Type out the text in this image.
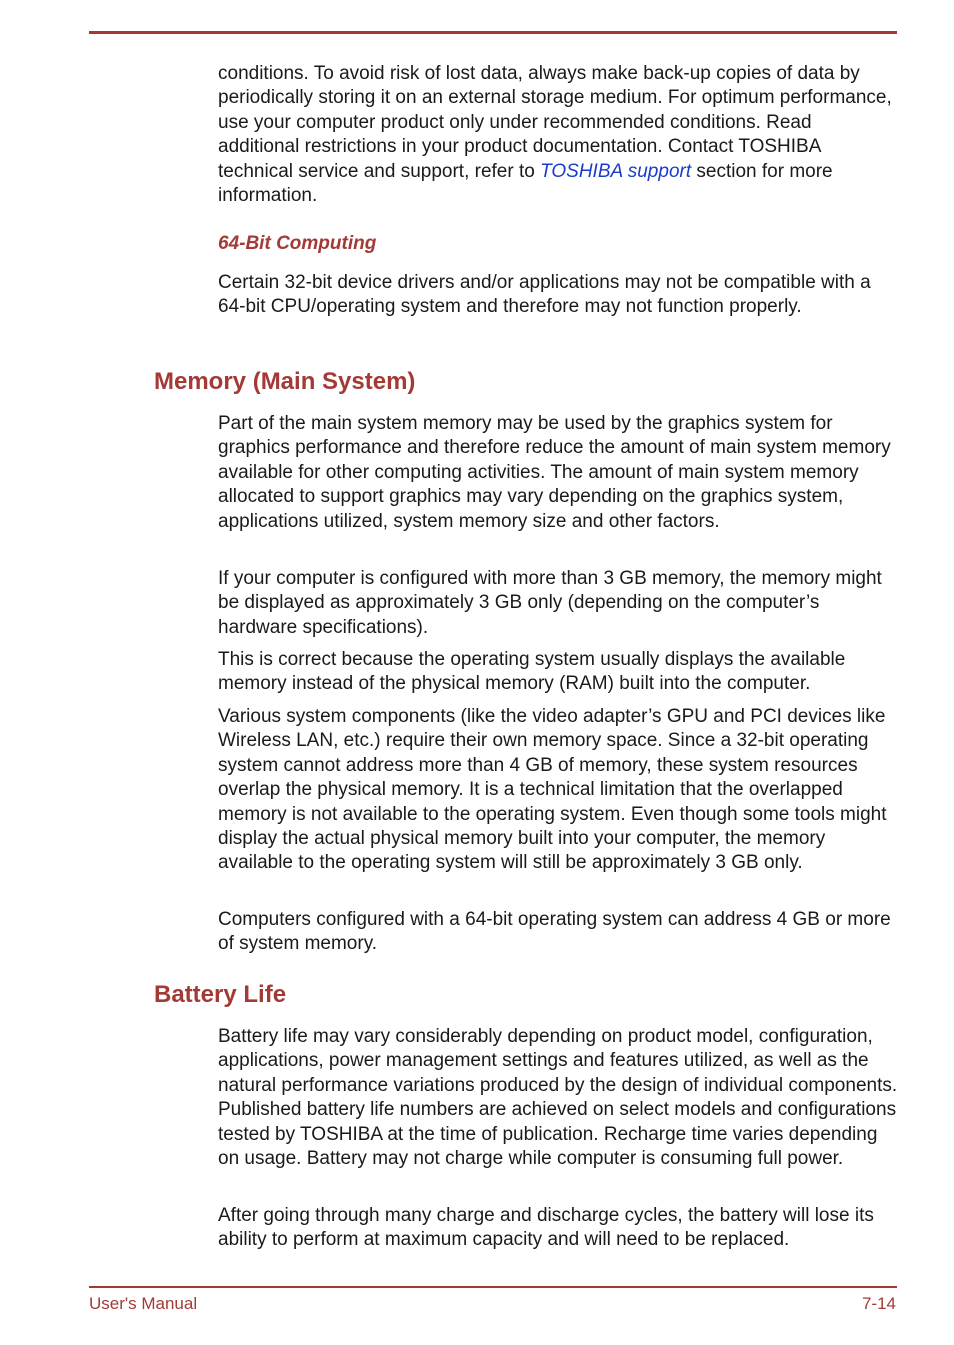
conditions. To avoid risk of lost data, always make back-up copies of data by periodically storing it on an external storage medium. For optimum performance, use your computer product only under recommended conditions. Read additional restrictions in your product documentation. Contact TOSHIBA technical service and support, refer to TOSHIBA support section for more information.

64-Bit Computing

Certain 32-bit device drivers and/or applications may not be compatible with a 64-bit CPU/operating system and therefore may not function properly.

Memory (Main System)

Part of the main system memory may be used by the graphics system for graphics performance and therefore reduce the amount of main system memory available for other computing activities. The amount of main system memory allocated to support graphics may vary depending on the graphics system, applications utilized, system memory size and other factors.

If your computer is configured with more than 3 GB memory, the memory might be displayed as approximately 3 GB only (depending on the computer’s hardware specifications).

This is correct because the operating system usually displays the available memory instead of the physical memory (RAM) built into the computer.

Various system components (like the video adapter’s GPU and PCI devices like Wireless LAN, etc.) require their own memory space. Since a 32-bit operating system cannot address more than 4 GB of memory, these system resources overlap the physical memory. It is a technical limitation that the overlapped memory is not available to the operating system. Even though some tools might display the actual physical memory built into your computer, the memory available to the operating system will still be approximately 3 GB only.

Computers configured with a 64-bit operating system can address 4 GB or more of system memory.

Battery Life

Battery life may vary considerably depending on product model, configuration, applications, power management settings and features utilized, as well as the natural performance variations produced by the design of individual components. Published battery life numbers are achieved on select models and configurations tested by TOSHIBA at the time of publication. Recharge time varies depending on usage. Battery may not charge while computer is consuming full power.

After going through many charge and discharge cycles, the battery will lose its ability to perform at maximum capacity and will need to be replaced.

User's Manual	7-14
